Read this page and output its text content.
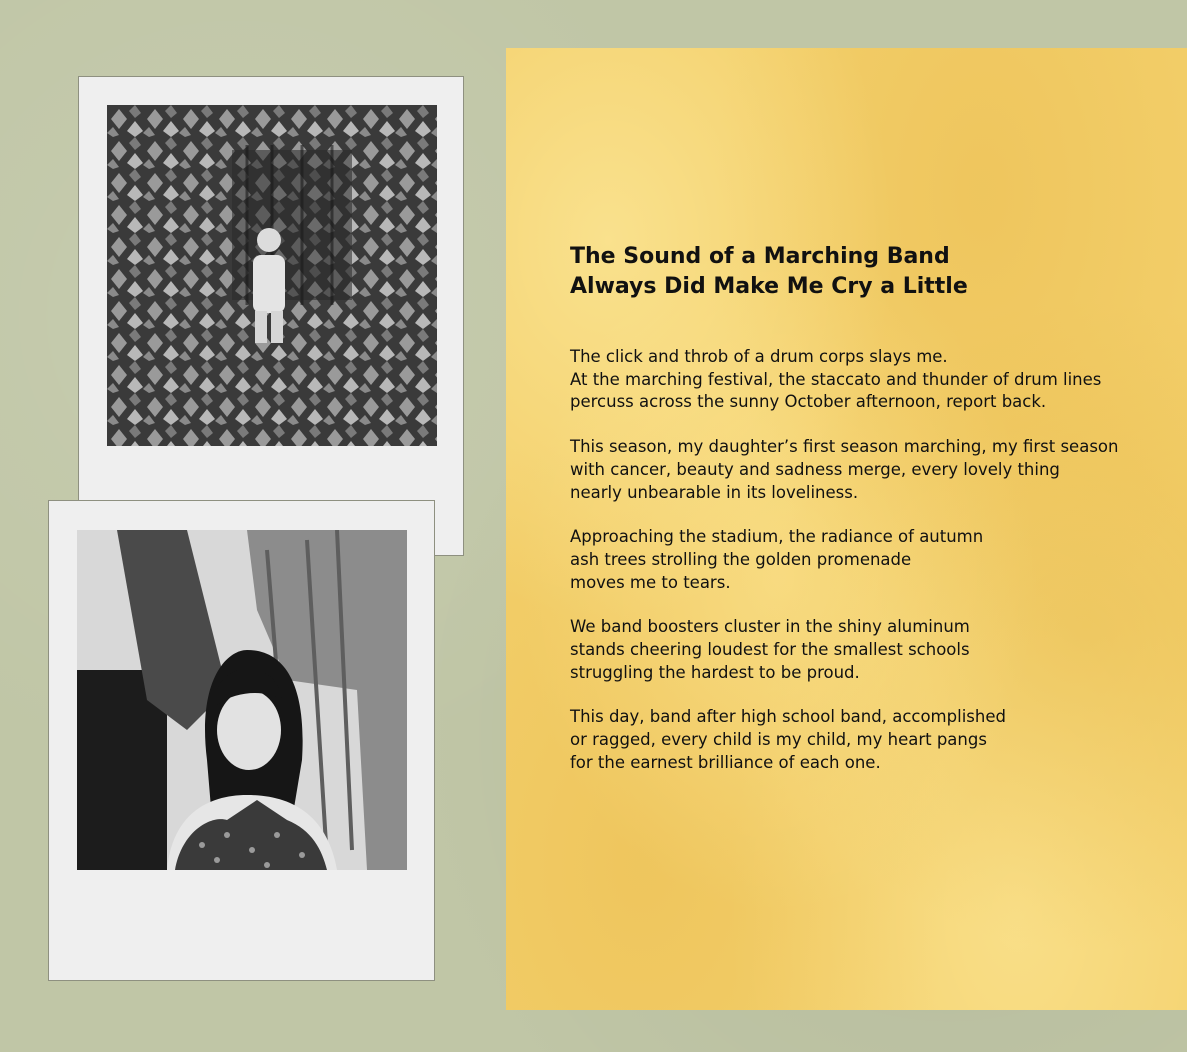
The Sound of a Marching Band
Always Did Make Me Cry a Little

The click and throb of a drum corps slays me.
At the marching festival, the staccato and thunder of drum lines
percuss across the sunny October afternoon, report back.

This season, my daughter’s first season marching, my first season
with cancer, beauty and sadness merge, every lovely thing
nearly unbearable in its loveliness.

Approaching the stadium, the radiance of autumn
ash trees strolling the golden promenade
moves me to tears.

We band boosters cluster in the shiny aluminum
stands cheering loudest for the smallest schools
struggling the hardest to be proud.

This day, band after high school band, accomplished
or ragged, every child is my child, my heart pangs
for the earnest brilliance of each one.
